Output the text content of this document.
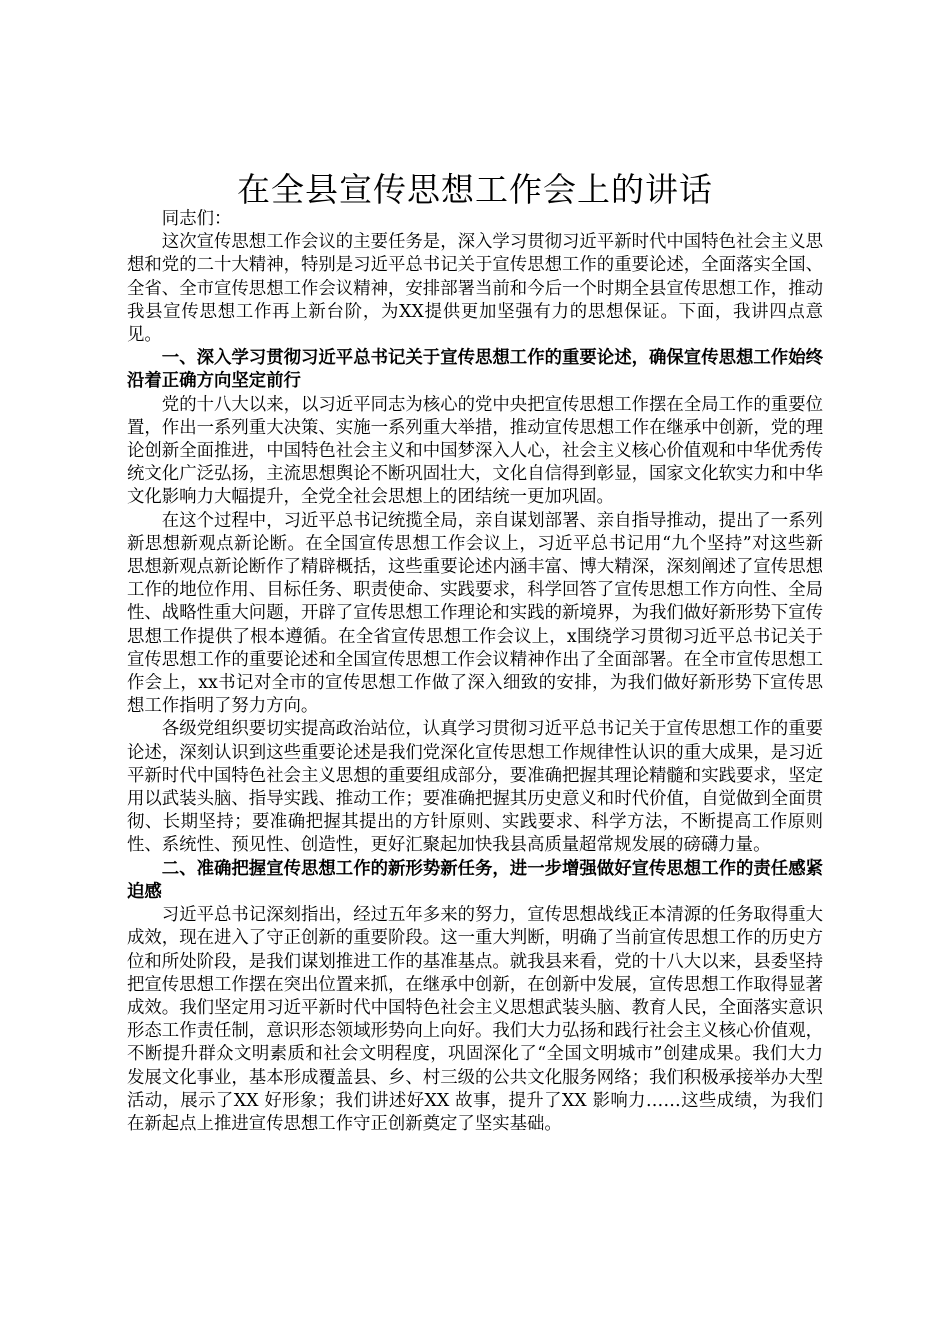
在全县宣传思想工作会上的讲话

同志们：

这次宣传思想工作会议的主要任务是，深入学习贯彻习近平新时代中国特色社会主义思想和党的二十大精神，特别是习近平总书记关于宣传思想工作的重要论述，全面落实全国、全省、全市宣传思想工作会议精神，安排部署当前和今后一个时期全县宣传思想工作，推动我县宣传思想工作再上新台阶，为XX提供更加坚强有力的思想保证。下面，我讲四点意见。

一、深入学习贯彻习近平总书记关于宣传思想工作的重要论述，确保宣传思想工作始终沿着正确方向坚定前行

党的十八大以来，以习近平同志为核心的党中央把宣传思想工作摆在全局工作的重要位置，作出一系列重大决策、实施一系列重大举措，推动宣传思想工作在继承中创新，党的理论创新全面推进，中国特色社会主义和中国梦深入人心，社会主义核心价值观和中华优秀传统文化广泛弘扬，主流思想舆论不断巩固壮大，文化自信得到彰显，国家文化软实力和中华文化影响力大幅提升，全党全社会思想上的团结统一更加巩固。

在这个过程中，习近平总书记统揽全局，亲自谋划部署、亲自指导推动，提出了一系列新思想新观点新论断。在全国宣传思想工作会议上，习近平总书记用“九个坚持”对这些新思想新观点新论断作了精辟概括，这些重要论述内涵丰富、博大精深，深刻阐述了宣传思想工作的地位作用、目标任务、职责使命、实践要求，科学回答了宣传思想工作方向性、全局性、战略性重大问题，开辟了宣传思想工作理论和实践的新境界，为我们做好新形势下宣传思想工作提供了根本遵循。在全省宣传思想工作会议上，x围绕学习贯彻习近平总书记关于宣传思想工作的重要论述和全国宣传思想工作会议精神作出了全面部署。在全市宣传思想工作会上，xx书记对全市的宣传思想工作做了深入细致的安排，为我们做好新形势下宣传思想工作指明了努力方向。

各级党组织要切实提高政治站位，认真学习贯彻习近平总书记关于宣传思想工作的重要论述，深刻认识到这些重要论述是我们党深化宣传思想工作规律性认识的重大成果，是习近平新时代中国特色社会主义思想的重要组成部分，要准确把握其理论精髓和实践要求，坚定用以武装头脑、指导实践、推动工作；要准确把握其历史意义和时代价值，自觉做到全面贯彻、长期坚持；要准确把握其提出的方针原则、实践要求、科学方法，不断提高工作原则性、系统性、预见性、创造性，更好汇聚起加快我县高质量超常规发展的磅礴力量。

二、准确把握宣传思想工作的新形势新任务，进一步增强做好宣传思想工作的责任感紧迫感

习近平总书记深刻指出，经过五年多来的努力，宣传思想战线正本清源的任务取得重大成效，现在进入了守正创新的重要阶段。这一重大判断，明确了当前宣传思想工作的历史方位和所处阶段，是我们谋划推进工作的基准基点。就我县来看，党的十八大以来，县委坚持把宣传思想工作摆在突出位置来抓，在继承中创新，在创新中发展，宣传思想工作取得显著成效。我们坚定用习近平新时代中国特色社会主义思想武装头脑、教育人民，全面落实意识形态工作责任制，意识形态领域形势向上向好。我们大力弘扬和践行社会主义核心价值观，不断提升群众文明素质和社会文明程度，巩固深化了“全国文明城市”创建成果。我们大力发展文化事业，基本形成覆盖县、乡、村三级的公共文化服务网络；我们积极承接举办大型活动，展示了XX 好形象；我们讲述好XX 故事，提升了XX 影响力……这些成绩，为我们在新起点上推进宣传思想工作守正创新奠定了坚实基础。
